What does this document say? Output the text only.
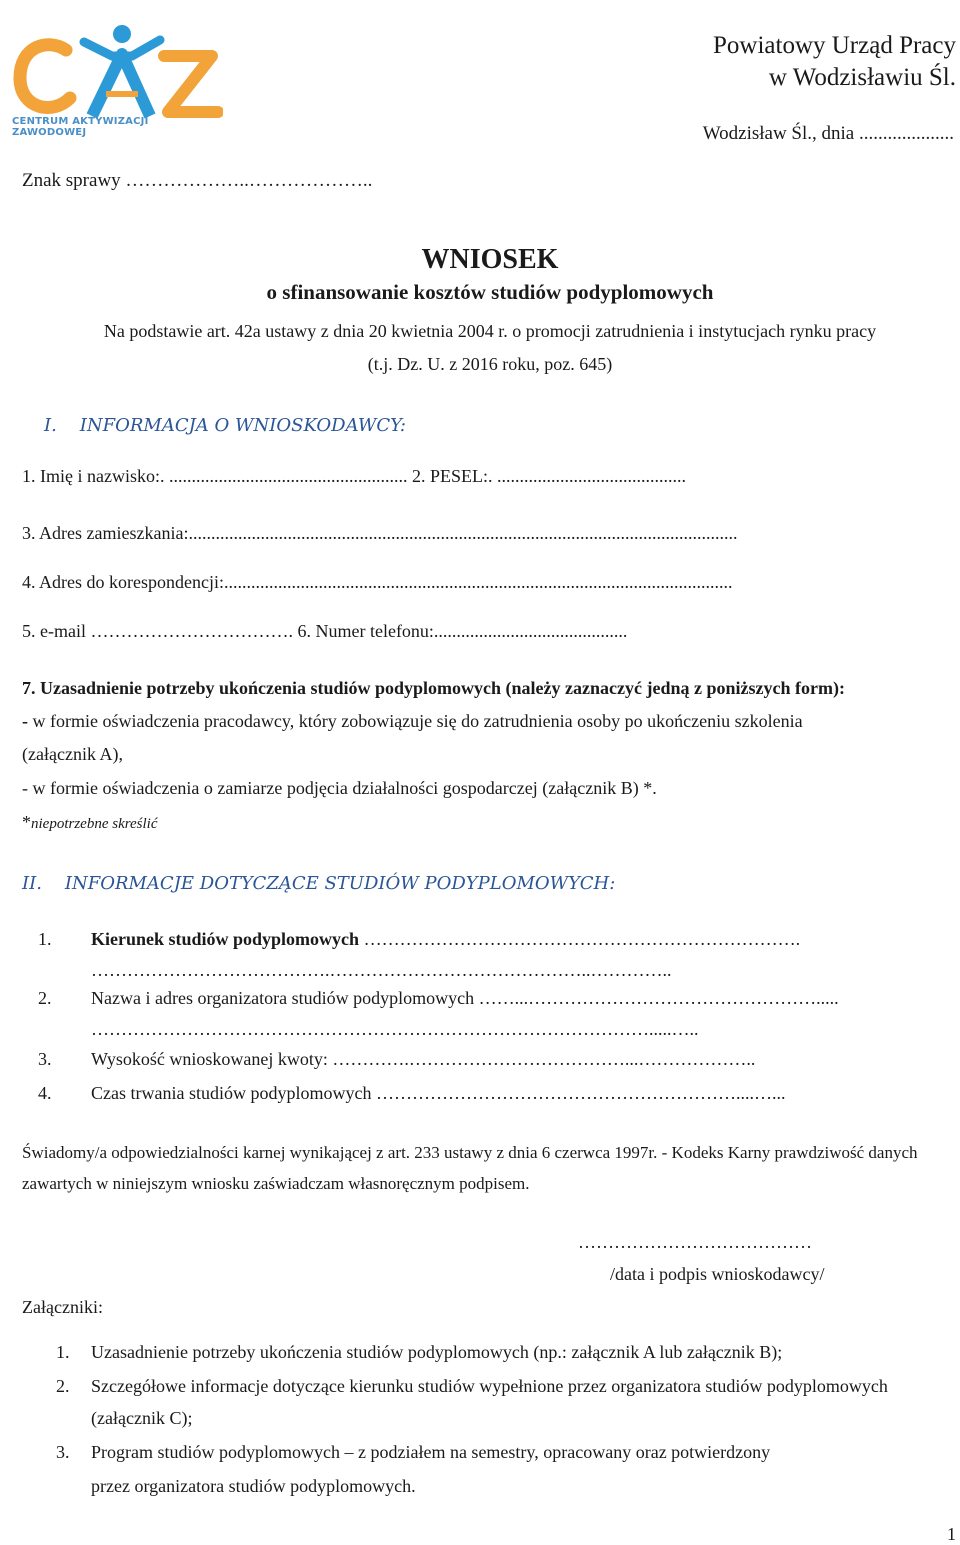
CENTRUM AKTYWIZACJI ZAWODOWEJ
Powiatowy Urząd Pracy
w Wodzisławiu Śl.
Wodzisław Śl., dnia ....................
Znak sprawy ………………..………………..
WNIOSEK
o sfinansowanie kosztów studiów podyplomowych
Na podstawie art. 42a ustawy z dnia 20 kwietnia 2004 r. o promocji zatrudnienia i instytucjach rynku pracy
(t.j. Dz. U. z 2016 roku, poz. 645)
I. INFORMACJA O WNIOSKODAWCY:
1. Imię i nazwisko:. ..................................................... 2. PESEL:. ..........................................
3. Adres zamieszkania:..........................................................................................................................
4. Adres do korespondencji:.................................................................................................................
5. e-mail ……………………………. 6. Numer telefonu:...........................................
7. Uzasadnienie potrzeby ukończenia studiów podyplomowych (należy zaznaczyć jedną z poniższych form):
- w formie oświadczenia pracodawcy, który zobowiązuje się do zatrudnienia osoby po ukończeniu szkolenia
(załącznik A),
- w formie oświadczenia o zamiarze podjęcia działalności gospodarczej (załącznik B) *.
*niepotrzebne skreślić
II. INFORMACJE DOTYCZĄCE STUDIÓW PODYPLOMOWYCH:
1. Kierunek studiów podyplomowych ……………………………………………………………….
………………………………….……………………………………..…………..
2. Nazwa i adres organizatora studiów podyplomowych ……...………………………………………….....
………………………………………………………………………………….....…..
3. Wysokość wnioskowanej kwoty: ………….………………………………...………………..
4. Czas trwania studiów podyplomowych ……………………………………………………....…...
Świadomy/a odpowiedzialności karnej wynikającej z art. 233 ustawy z dnia 6 czerwca 1997r. - Kodeks Karny prawdziwość danych
zawartych w niniejszym wniosku zaświadczam własnoręcznym podpisem.
…………………………………
/data i podpis wnioskodawcy/
Załączniki:
1. Uzasadnienie potrzeby ukończenia studiów podyplomowych (np.: załącznik A lub załącznik B);
2. Szczegółowe informacje dotyczące kierunku studiów wypełnione przez organizatora studiów podyplomowych
(załącznik C);
3. Program studiów podyplomowych – z podziałem na semestry, opracowany oraz potwierdzony
przez organizatora studiów podyplomowych.
1
